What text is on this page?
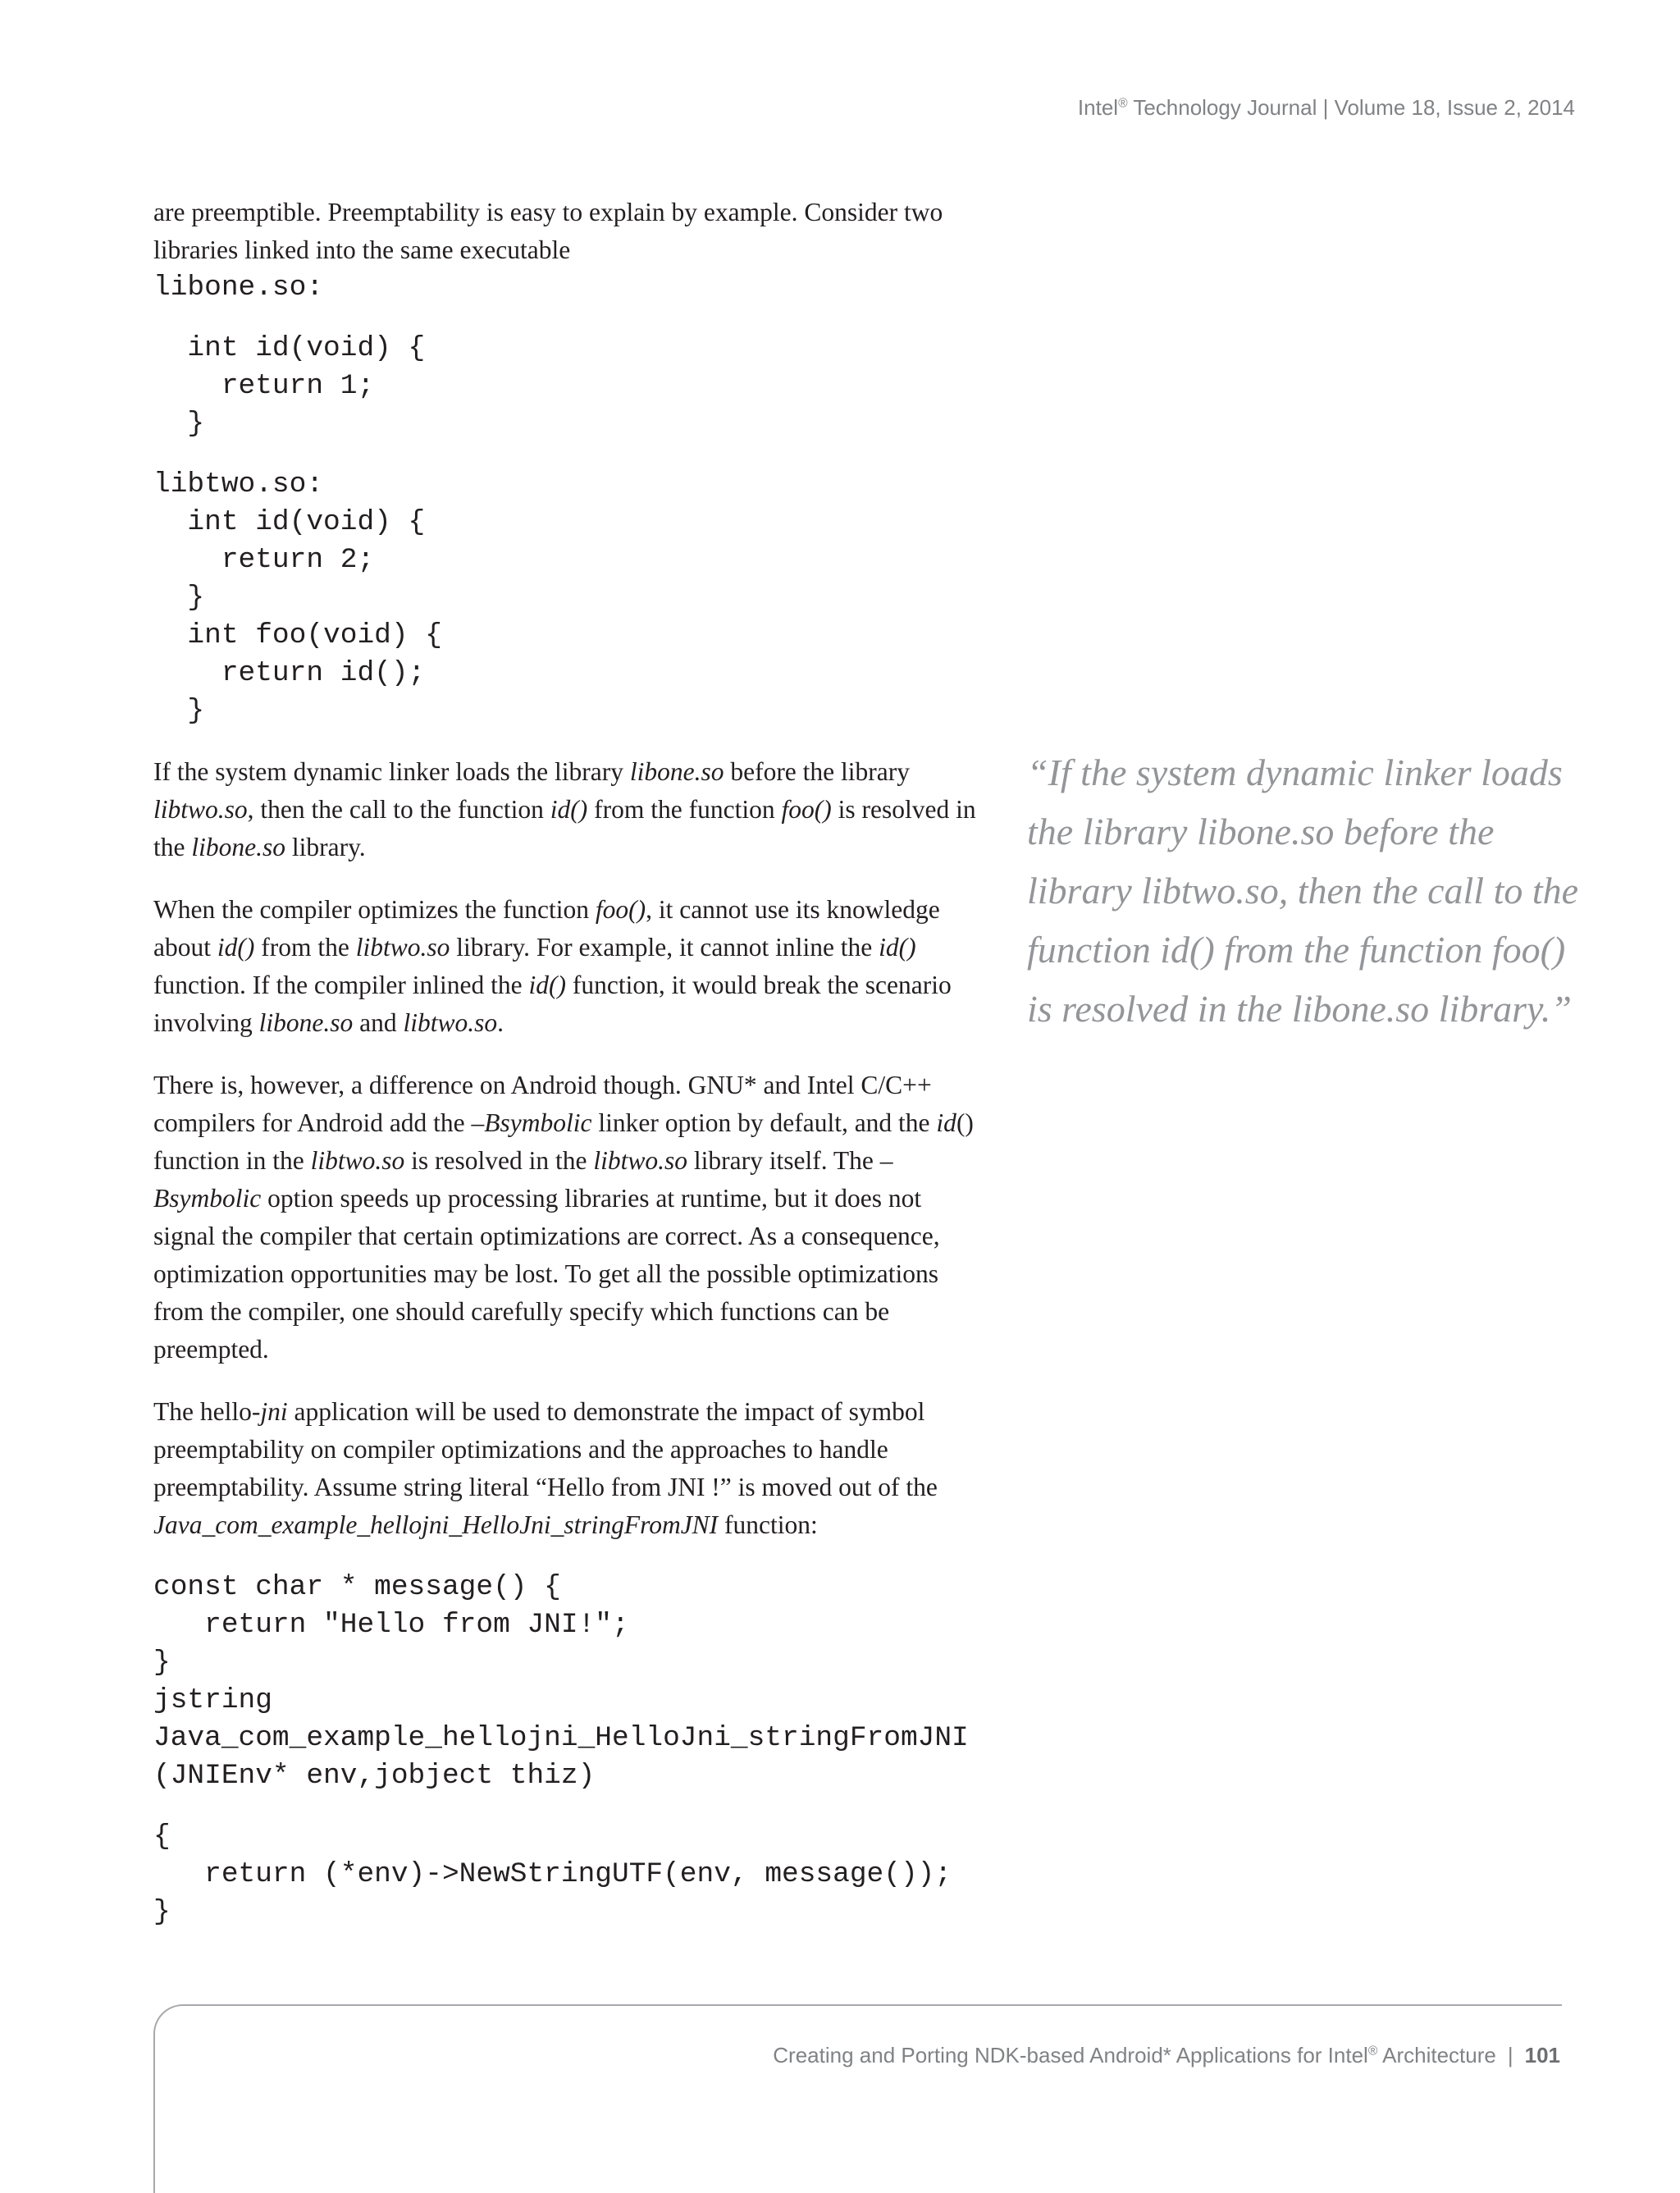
Intel® Technology Journal | Volume 18, Issue 2, 2014

are preemptible. Preemptability is easy to explain by example. Consider two libraries linked into the same executable

libone.so:
int id(void) {
return 1;
}
libtwo.so:
int id(void) {
return 2;
}
int foo(void) {
return id();
}

If the system dynamic linker loads the library libone.so before the library libtwo.so, then the call to the function id() from the function foo() is resolved in the libone.so library.

When the compiler optimizes the function foo(), it cannot use its knowledge about id() from the libtwo.so library. For example, it cannot inline the id() function. If the compiler inlined the id() function, it would break the scenario involving libone.so and libtwo.so.

There is, however, a difference on Android though. GNU* and Intel C/C++ compilers for Android add the –Bsymbolic linker option by default, and the id() function in the libtwo.so is resolved in the libtwo.so library itself. The –Bsymbolic option speeds up processing libraries at runtime, but it does not signal the compiler that certain optimizations are correct. As a consequence, optimization opportunities may be lost. To get all the possible optimizations from the compiler, one should carefully specify which functions can be preempted.

The hello-jni application will be used to demonstrate the impact of symbol preemptability on compiler optimizations and the approaches to handle preemptability. Assume string literal “Hello from JNI !” is moved out of the Java_com_example_hellojni_HelloJni_stringFromJNI function:

const char * message() {
return "Hello from JNI!";
}
jstring
Java_com_example_hellojni_HelloJni_stringFromJNI
(JNIEnv* env,jobject thiz)
{
return (*env)->NewStringUTF(env, message());
}

“If the system dynamic linker loads the library libone.so before the library libtwo.so, then the call to the function id() from the function foo() is resolved in the libone.so library.”

Creating and Porting NDK-based Android* Applications for Intel® Architecture | 101
